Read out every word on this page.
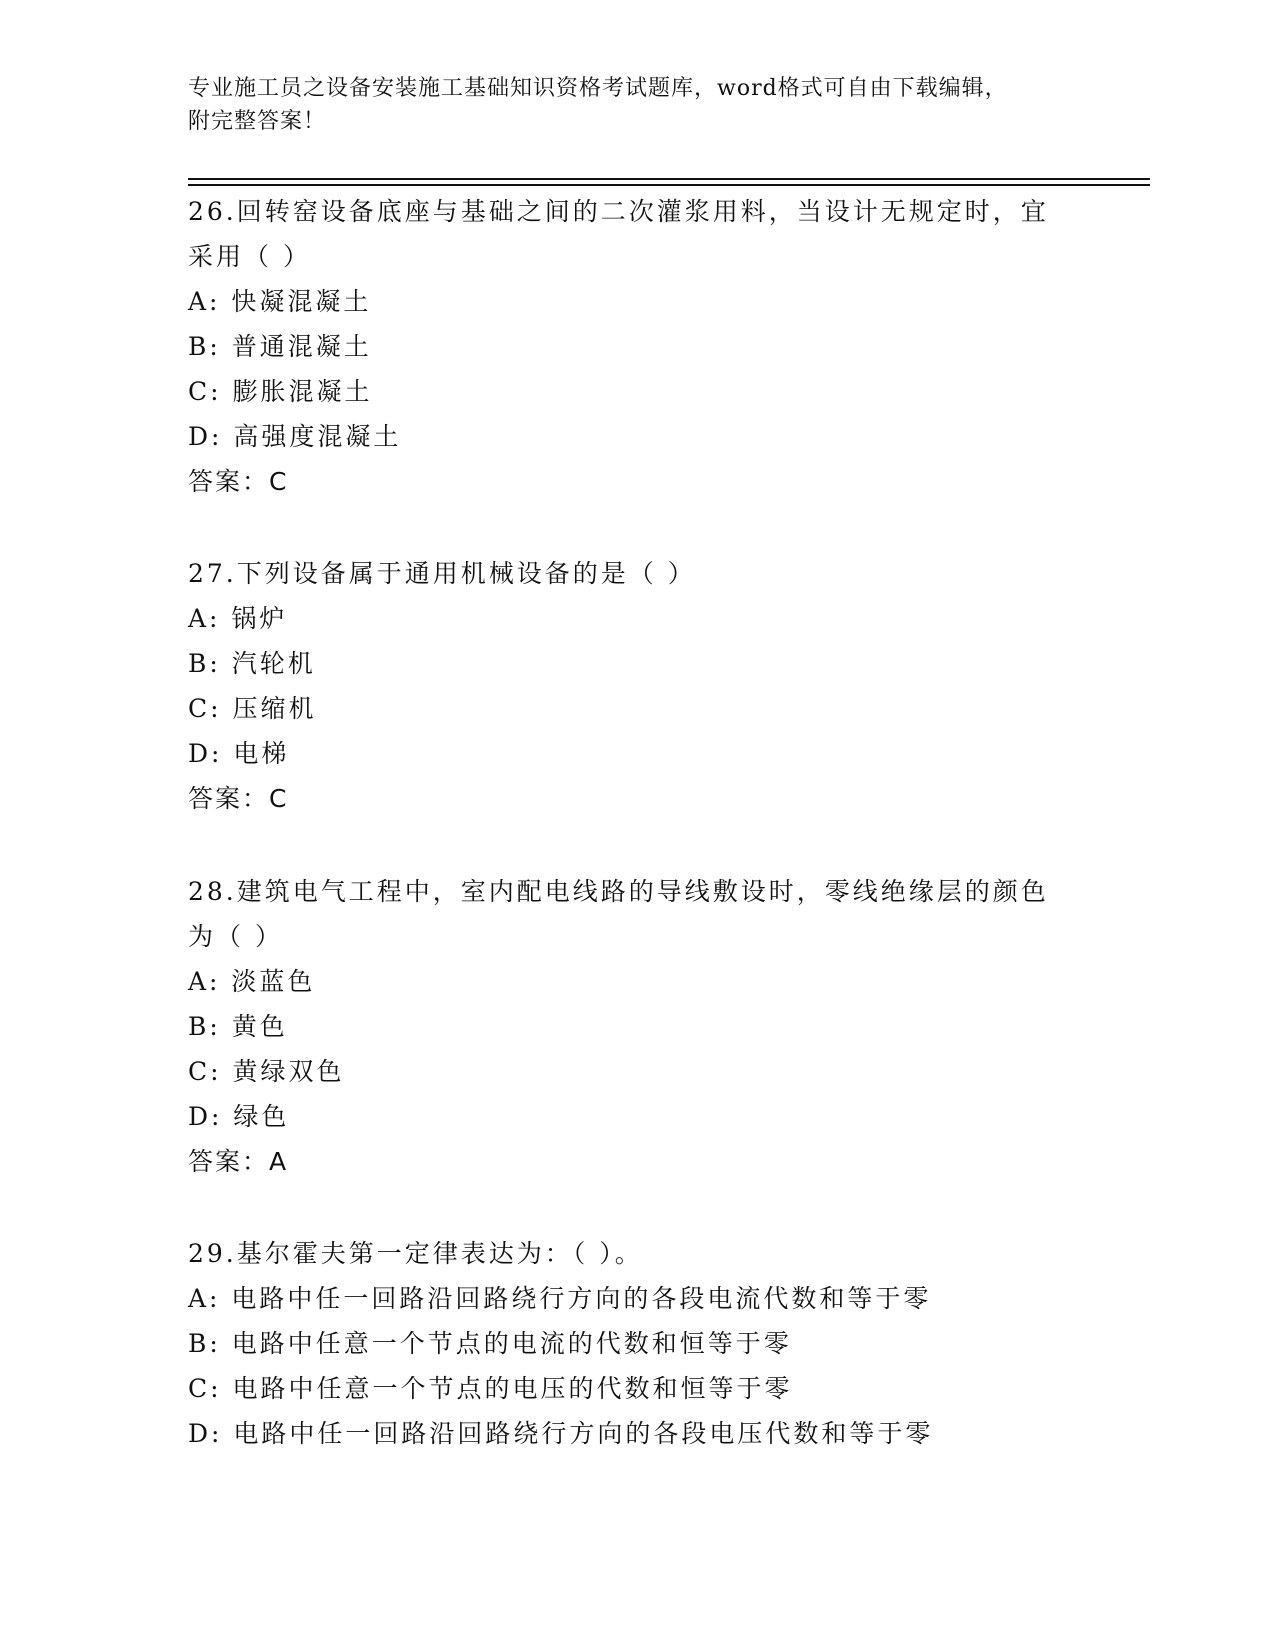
专业施工员之设备安装施工基础知识资格考试题库，word格式可自由下载编辑，
附完整答案！
26.回转窑设备底座与基础之间的二次灌浆用料，当设计无规定时，宜采用（ ）
A: 快凝混凝土
B: 普通混凝土
C: 膨胀混凝土
D: 高强度混凝土
答案：C
27.下列设备属于通用机械设备的是（ ）
A: 锅炉
B: 汽轮机
C: 压缩机
D: 电梯
答案：C
28.建筑电气工程中，室内配电线路的导线敷设时，零线绝缘层的颜色为（ ）
A: 淡蓝色
B: 黄色
C: 黄绿双色
D: 绿色
答案：A
29.基尔霍夫第一定律表达为：（ ）。
A: 电路中任一回路沿回路绕行方向的各段电流代数和等于零
B: 电路中任意一个节点的电流的代数和恒等于零
C: 电路中任意一个节点的电压的代数和恒等于零
D: 电路中任一回路沿回路绕行方向的各段电压代数和等于零
